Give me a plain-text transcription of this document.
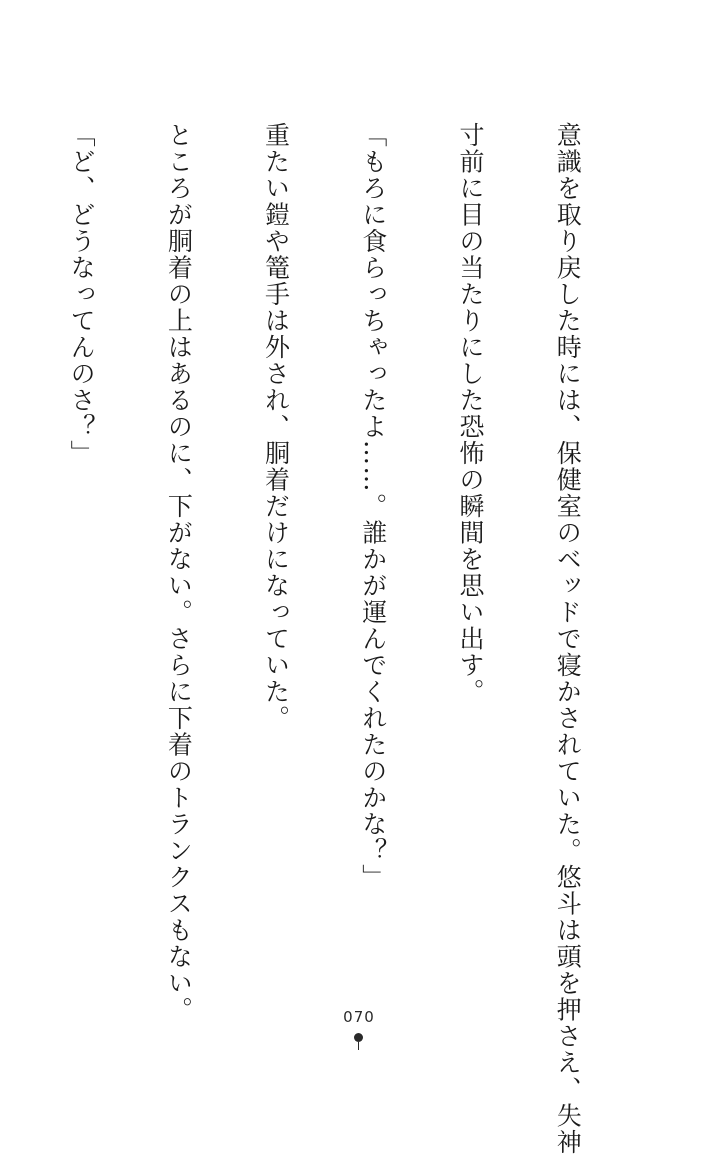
意識を取り戻した時には、保健室のベッドで寝かされていた。悠斗は頭を押さえ、失神

寸前に目の当たりにした恐怖の瞬間を思い出す。

「もろに食らっちゃったよ……。誰かが運んでくれたのかな？」

重たい鎧や篭手は外され、胴着だけになっていた。

ところが胴着の上はあるのに、下がない。さらに下着のトランクスもない。

「ど、どうなってんのさ？」

070
